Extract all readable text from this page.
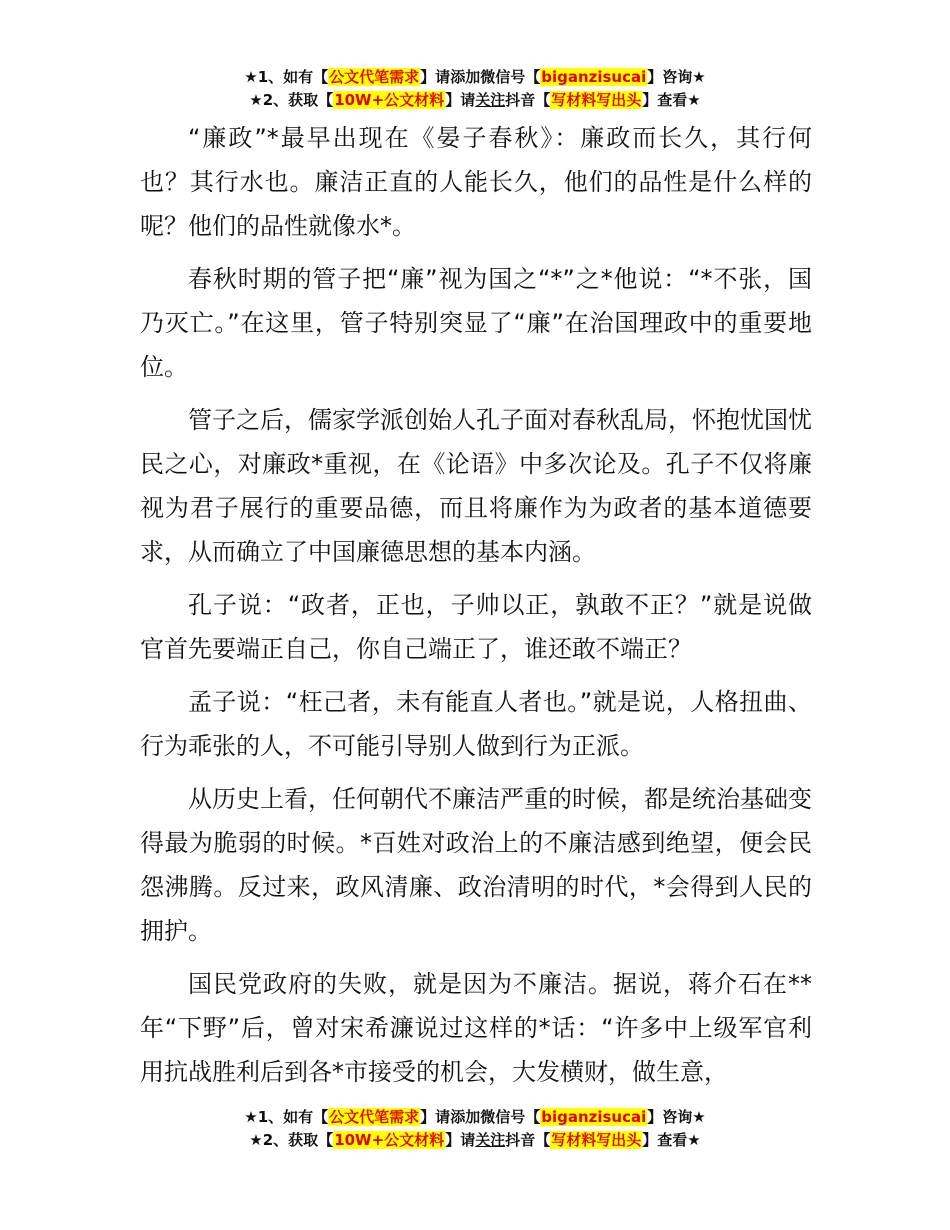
★1、如有【公文代笔需求】请添加微信号【biganzisucai】咨询★
★2、获取【10W+公文材料】请关注抖音【写材料写出头】查看★

“廉政”*最早出现在《晏子春秋》：廉政而长久，其行何也？其行水也。廉洁正直的人能长久，他们的品性是什么样的呢？他们的品性就像水*。

春秋时期的管子把“廉”视为国之“*”之*他说：“*不张，国乃灭亡。”在这里，管子特别突显了“廉”在治国理政中的重要地位。

管子之后，儒家学派创始人孔子面对春秋乱局，怀抱忧国忧民之心，对廉政*重视，在《论语》中多次论及。孔子不仅将廉视为君子展行的重要品德，而且将廉作为为政者的基本道德要求，从而确立了中国廉德思想的基本内涵。

孔子说：“政者，正也，子帅以正，孰敢不正？”就是说做官首先要端正自己，你自己端正了，谁还敢不端正？

孟子说：“枉己者，未有能直人者也。”就是说，人格扭曲、行为乖张的人，不可能引导别人做到行为正派。

从历史上看，任何朝代不廉洁严重的时候，都是统治基础变得最为脆弱的时候。*百姓对政治上的不廉洁感到绝望，便会民怨沸腾。反过来，政风清廉、政治清明的时代，*会得到人民的拥护。

国民党政府的失败，就是因为不廉洁。据说，蒋介石在**年“下野”后，曾对宋希濂说过这样的*话：“许多中上级军官利用抗战胜利后到各*市接受的机会，大发横财，做生意，

★1、如有【公文代笔需求】请添加微信号【biganzisucai】咨询★
★2、获取【10W+公文材料】请关注抖音【写材料写出头】查看★
